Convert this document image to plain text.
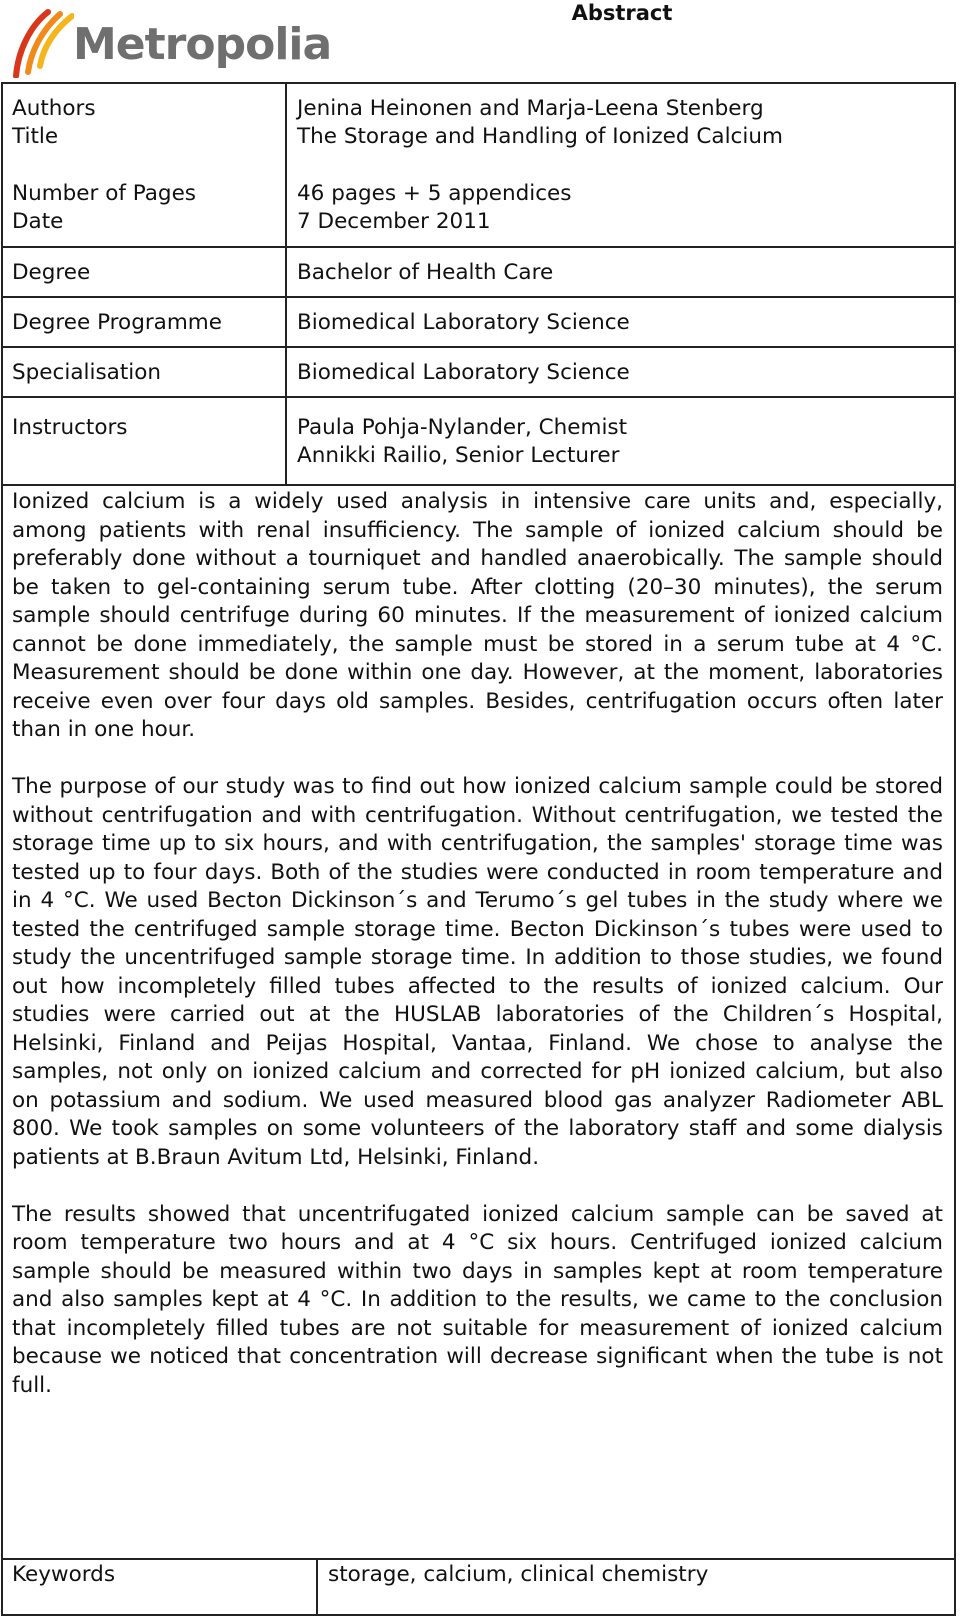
Metropolia
Abstract
Authors
Title
Number of Pages
Date
Degree
Degree Programme
Specialisation
Instructors
Jenina Heinonen and Marja-Leena Stenberg
The Storage and Handling of Ionized Calcium
46 pages + 5 appendices
7 December 2011
Bachelor of Health Care
Biomedical Laboratory Science
Biomedical Laboratory Science
Paula Pohja-Nylander, Chemist
Annikki Railio, Senior Lecturer

Ionized calcium is a widely used analysis in intensive care units and, especially, among patients with renal insufficiency. The sample of ionized calcium should be preferably done without a tourniquet and handled anaerobically. The sample should be taken to gel-containing serum tube. After clotting (20–30 minutes), the serum sample should centrifuge during 60 minutes. If the measurement of ionized calcium cannot be done immediately, the sample must be stored in a serum tube at 4 °C. Measurement should be done within one day. However, at the moment, laboratories receive even over four days old samples. Besides, centrifugation occurs often later than in one hour.

The purpose of our study was to find out how ionized calcium sample could be stored without centrifugation and with centrifugation. Without centrifugation, we tested the storage time up to six hours, and with centrifugation, the samples' storage time was tested up to four days. Both of the studies were conducted in room temperature and in 4 °C. We used Becton Dickinson´s and Terumo´s gel tubes in the study where we tested the centrifuged sample storage time. Becton Dickinson´s tubes were used to study the uncentrifuged sample storage time. In addition to those studies, we found out how incompletely filled tubes affected to the results of ionized calcium. Our studies were carried out at the HUSLAB laboratories of the Children´s Hospital, Helsinki, Finland and Peijas Hospital, Vantaa, Finland. We chose to analyse the samples, not only on ionized calcium and corrected for pH ionized calcium, but also on potassium and sodium. We used measured blood gas analyzer Radiometer ABL 800. We took samples on some volunteers of the laboratory staff and some dialysis patients at B.Braun Avitum Ltd, Helsinki, Finland.

The results showed that uncentrifugated ionized calcium sample can be saved at room temperature two hours and at 4 °C six hours. Centrifuged ionized calcium sample should be measured within two days in samples kept at room temperature and also samples kept at 4 °C. In addition to the results, we came to the conclusion that incompletely filled tubes are not suitable for measurement of ionized calcium because we noticed that concentration will decrease significant when the tube is not full.

Keywords	storage, calcium, clinical chemistry
